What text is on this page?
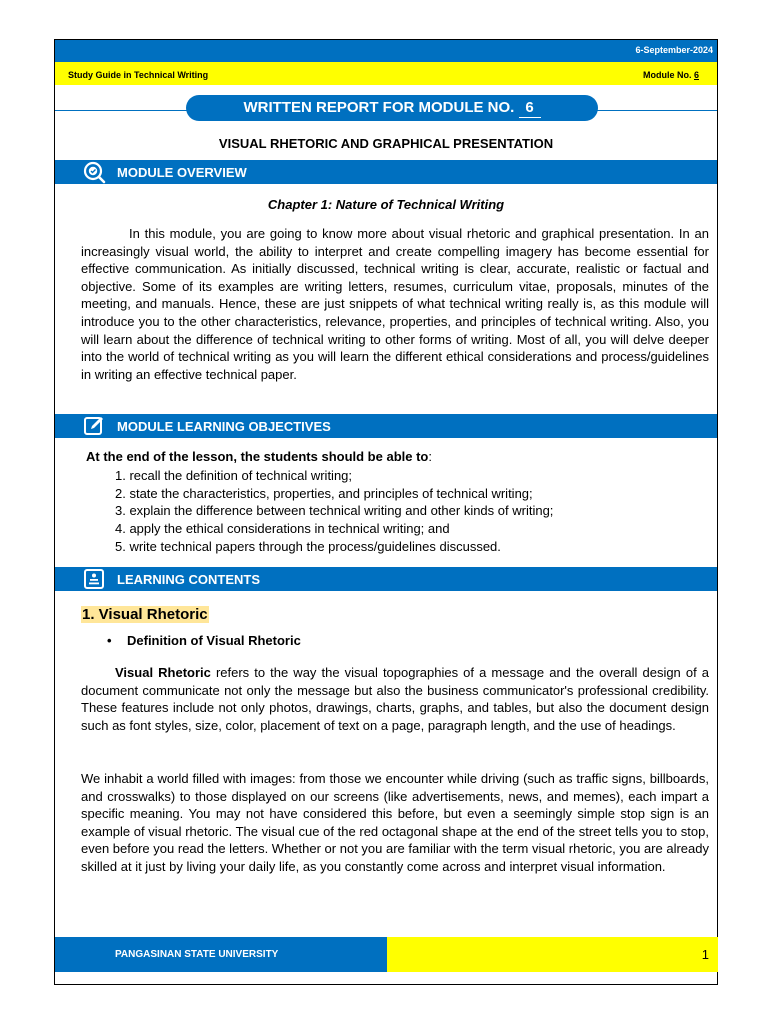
6-September-2024
Study Guide in Technical Writing	Module No. 6
WRITTEN REPORT FOR MODULE NO. 6
VISUAL RHETORIC AND GRAPHICAL PRESENTATION
MODULE OVERVIEW
Chapter 1: Nature of Technical Writing
In this module, you are going to know more about visual rhetoric and graphical presentation. In an increasingly visual world, the ability to interpret and create compelling imagery has become essential for effective communication. As initially discussed, technical writing is clear, accurate, realistic or factual and objective. Some of its examples are writing letters, resumes, curriculum vitae, proposals, minutes of the meeting, and manuals. Hence, these are just snippets of what technical writing really is, as this module will introduce you to the other characteristics, relevance, properties, and principles of technical writing. Also, you will learn about the difference of technical writing to other forms of writing. Most of all, you will delve deeper into the world of technical writing as you will learn the different ethical considerations and process/guidelines in writing an effective technical paper.
MODULE LEARNING OBJECTIVES
At the end of the lesson, the students should be able to:
1. recall the definition of technical writing;
2. state the characteristics, properties, and principles of technical writing;
3. explain the difference between technical writing and other kinds of writing;
4. apply the ethical considerations in technical writing; and
5. write technical papers through the process/guidelines discussed.
LEARNING CONTENTS
1. Visual Rhetoric
• Definition of Visual Rhetoric
Visual Rhetoric refers to the way the visual topographies of a message and the overall design of a document communicate not only the message but also the business communicator's professional credibility. These features include not only photos, drawings, charts, graphs, and tables, but also the document design such as font styles, size, color, placement of text on a page, paragraph length, and the use of headings.
We inhabit a world filled with images: from those we encounter while driving (such as traffic signs, billboards, and crosswalks) to those displayed on our screens (like advertisements, news, and memes), each impart a specific meaning. You may not have considered this before, but even a seemingly simple stop sign is an example of visual rhetoric. The visual cue of the red octagonal shape at the end of the street tells you to stop, even before you read the letters. Whether or not you are familiar with the term visual rhetoric, you are already skilled at it just by living your daily life, as you constantly come across and interpret visual information.
PANGASINAN STATE UNIVERSITY	1
